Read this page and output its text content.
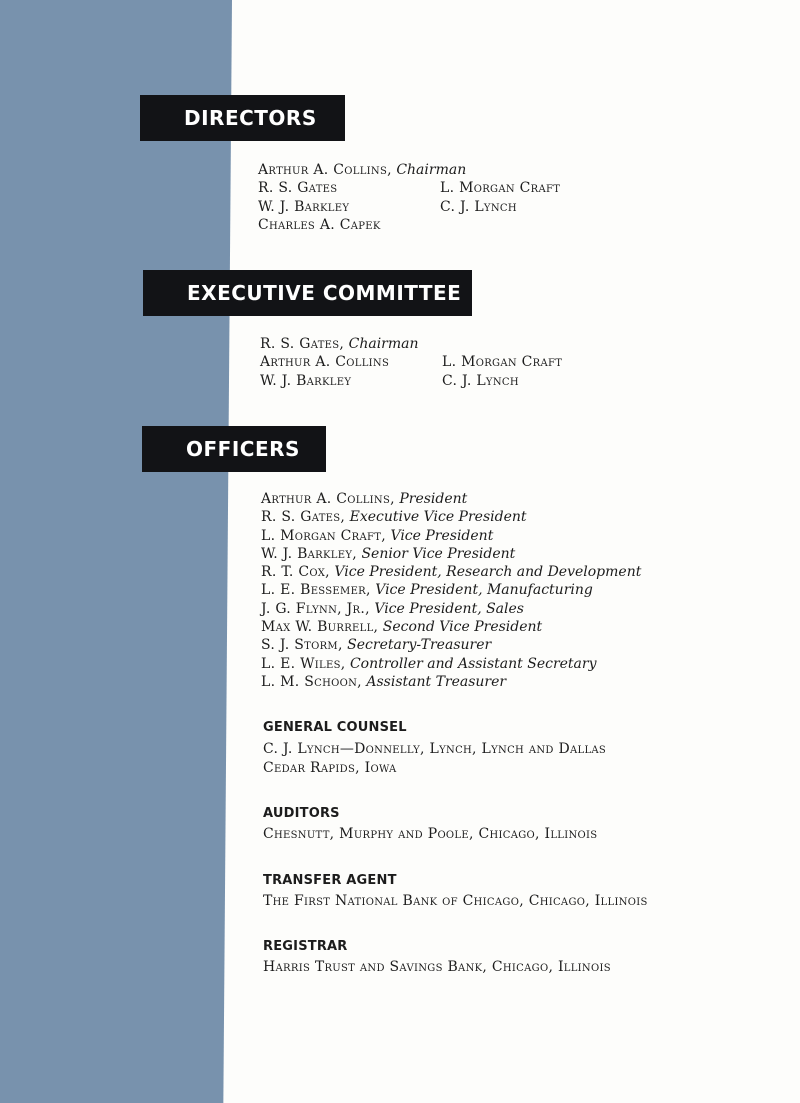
DIRECTORS
Arthur A. Collins,
Chairman
R. S. Gates	L. Morgan Craft
W. J. Barkley	C. J. Lynch
Charles A. Capek
EXECUTIVE COMMITTEE
R. S. Gates,
Chairman
Arthur A. Collins	L. Morgan Craft
W. J. Barkley	C. J. Lynch
OFFICERS
Arthur A. Collins,
President
R. S. Gates,
Executive Vice President
L. Morgan Craft,
Vice President
W. J. Barkley,
Senior Vice President
R. T. Cox,
Vice President, Research and Development
L. E. Bessemer,
Vice President, Manufacturing
J. G. Flynn, Jr.,
Vice President, Sales
Max W. Burrell,
Second Vice President
S. J. Storm,
Secretary-Treasurer
L. E. Wiles,
Controller and Assistant Secretary
L. M. Schoon,
Assistant Treasurer
GENERAL COUNSEL
C. J. Lynch—Donnelly, Lynch, Lynch and Dallas
Cedar Rapids, Iowa
AUDITORS
Chesnutt, Murphy and Poole, Chicago, Illinois
TRANSFER AGENT
The First National Bank of Chicago, Chicago, Illinois
REGISTRAR
Harris Trust and Savings Bank, Chicago, Illinois
